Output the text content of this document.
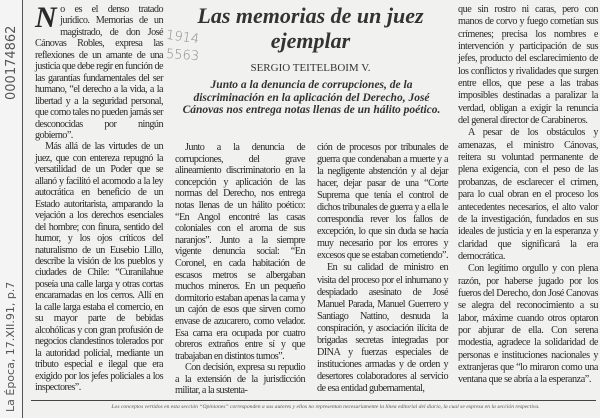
La Época, 17.XII.91, p.7
000174862
Las memorias de un juez
ejemplar
1914
5563
SERGIO TEITELBOIM V.
Junto a la denuncia de corrupciones, de la discriminación en la aplicación del Derecho, José Cánovas nos entrega notas llenas de un hálito poético.

No es el denso tratado jurídico. Memorias de un magistrado, de don José Cánovas Robles, expresa las reflexiones de un amante de una justicia que debe regir en función de las garantías fundamentales del ser humano, “el derecho a la vida, a la libertad y a la seguridad personal, que como tales no pueden jamás ser desconocidas por ningún gobierno”.

Más allá de las virtudes de un juez, que con entereza repugnó la versatilidad de un Poder que se allanó y facilitó el acomodo a la ley autocrática en beneficio de un Estado autoritarista, amparando la vejación a los derechos esenciales del hombre; con finura, sentido del humor, y los ojos críticos del naturalismo de un Eusebio Lillo, describe la visión de los pueblos y ciudades de Chile: “Curanilahue poseía una calle larga y otras cortas encaramadas en los cerros. Allí en la calle larga estaba el comercio, en su mayor parte de bebidas alcohólicas y con gran profusión de negocios clandestinos tolerados por la autoridad policial, mediante un tributo especial e ilegal que era exigido por los jefes policiales a los inspectores”.

Junto a la denuncia de corrupciones, del grave alineamiento discriminatorio en la concepción y aplicación de las normas del Derecho, nos entrega notas llenas de un hálito poético: “En Angol encontré las casas coloniales con el aroma de sus naranjos”. Junto a la siempre vigente denuncia social: “En Coronel, en cada habitación de escasos metros se albergaban muchos mineros. En un pequeño dormitorio estaban apenas la cama y un cajón de esos que sirven como envase de azucarero, como velador. Esa cama era ocupada por cuatro obreros extraños entre sí y que trabajaban en distintos turnos”.

Con decisión, expresa su repudio a la extensión de la jurisdicción militar, a la sustenta-

ción de procesos por tribunales de guerra que condenaban a muerte y a la negligente abstención y al dejar hacer, dejar pasar de una “Corte Suprema que tenía el control de dichos tribunales de guerra y a ella le correspondía rever los fallos de excepción, lo que sin duda se hacía muy necesario por los errores y excesos que se estaban cometiendo”.

En su calidad de ministro en visita del proceso por el inhumano y despiadado asesinato de José Manuel Parada, Manuel Guerrero y Santiago Nattino, desnuda la conspiración, y asociación ilícita de brigadas secretas integradas por DINA y fuerzas especiales de instituciones armadas y de orden y desertores colaboradores al servicio de esa entidad gubernamental,

que sin rostro ni caras, pero con manos de corvo y fuego cometían sus crímenes; precisa los nombres e intervención y participación de sus jefes, producto del esclarecimiento de los conflictos y rivalidades que surgen entre ellos, que pese a las trabas imposibles destinadas a paralizar la verdad, obligan a exigir la renuncia del general director de Carabineros.

A pesar de los obstáculos y amenazas, el ministro Cánovas, reitera su voluntad permanente de plena exigencia, con el peso de las probanzas, de esclarecer el crimen, para lo cual obran en el proceso los antecedentes necesarios, el alto valor de la investigación, fundados en sus ideales de justicia y en la esperanza y claridad que significará la era democrática.

Con legítimo orgullo y con plena razón, por haberse jugado por los fueros del Derecho, don José Canovas se alegra del reconocimiento a su labor, máxime cuando otros optaron por abjurar de ella. Con serena modestia, agradece la solidaridad de personas e instituciones nacionales y extranjeras que “lo miraron como una ventana que se abría a la esperanza”.

Los conceptos vertidos en esta sección “Opiniones” corresponden a sus autores y ellos no representan necesariamente la línea editorial del diario, la cual se expresa en la sección respectiva.
